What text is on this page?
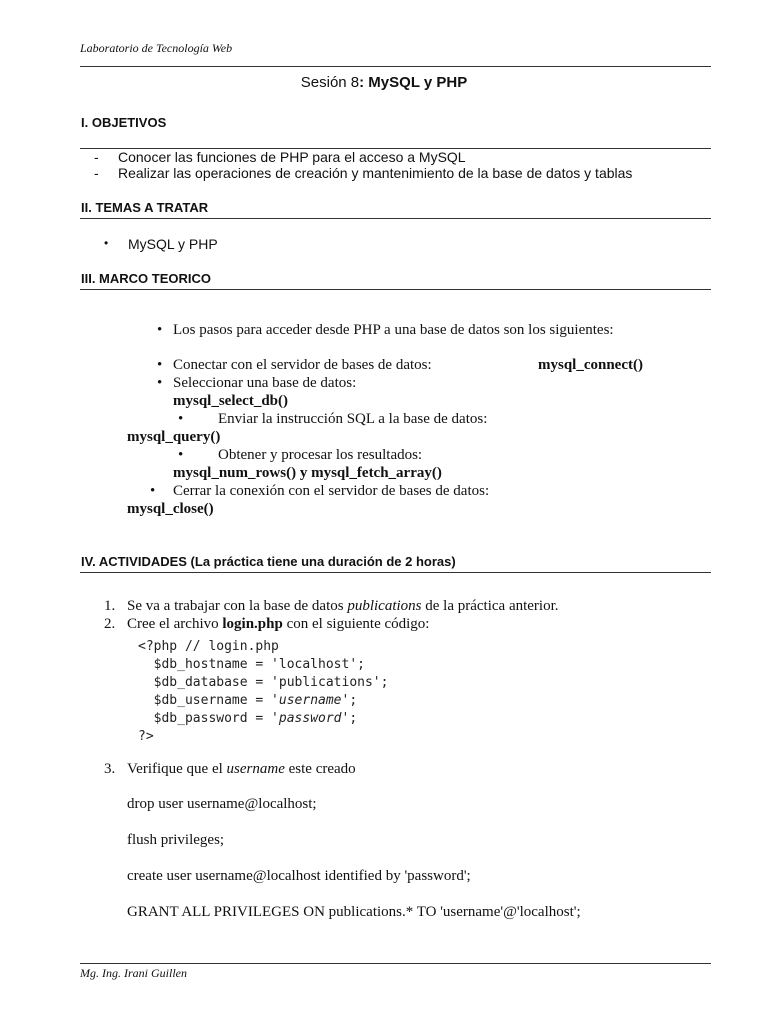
Laboratorio de Tecnología Web
Sesión 8: MySQL y PHP
I. OBJETIVOS
- Conocer las funciones de PHP para el acceso a MySQL
- Realizar las operaciones de creación y mantenimiento de la base de datos y tablas
II. TEMAS A TRATAR
• MySQL y PHP
III. MARCO TEORICO
• Los pasos para acceder desde PHP a una base de datos son los siguientes:
• Conectar con el servidor de bases de datos:	mysql_connect()
• Seleccionar una base de datos:
mysql_select_db()
• Enviar la instrucción SQL a la base de datos:
mysql_query()
• Obtener y procesar los resultados:
mysql_num_rows() y mysql_fetch_array()
• Cerrar la conexión con el servidor de bases de datos:
mysql_close()
IV. ACTIVIDADES (La práctica tiene una duración de 2 horas)
1. Se va a trabajar con la base de datos publications de la práctica anterior.
2. Cree el archivo login.php con el siguiente código:
<?php // login.php
$db_hostname = 'localhost';
$db_database = 'publications';
$db_username = 'username';
$db_password = 'password';
?>
3. Verifique que el username este creado
drop user username@localhost;
flush privileges;
create user username@localhost identified by 'password';
GRANT ALL PRIVILEGES ON publications.* TO 'username'@'localhost';
Mg. Ing. Irani Guillen
